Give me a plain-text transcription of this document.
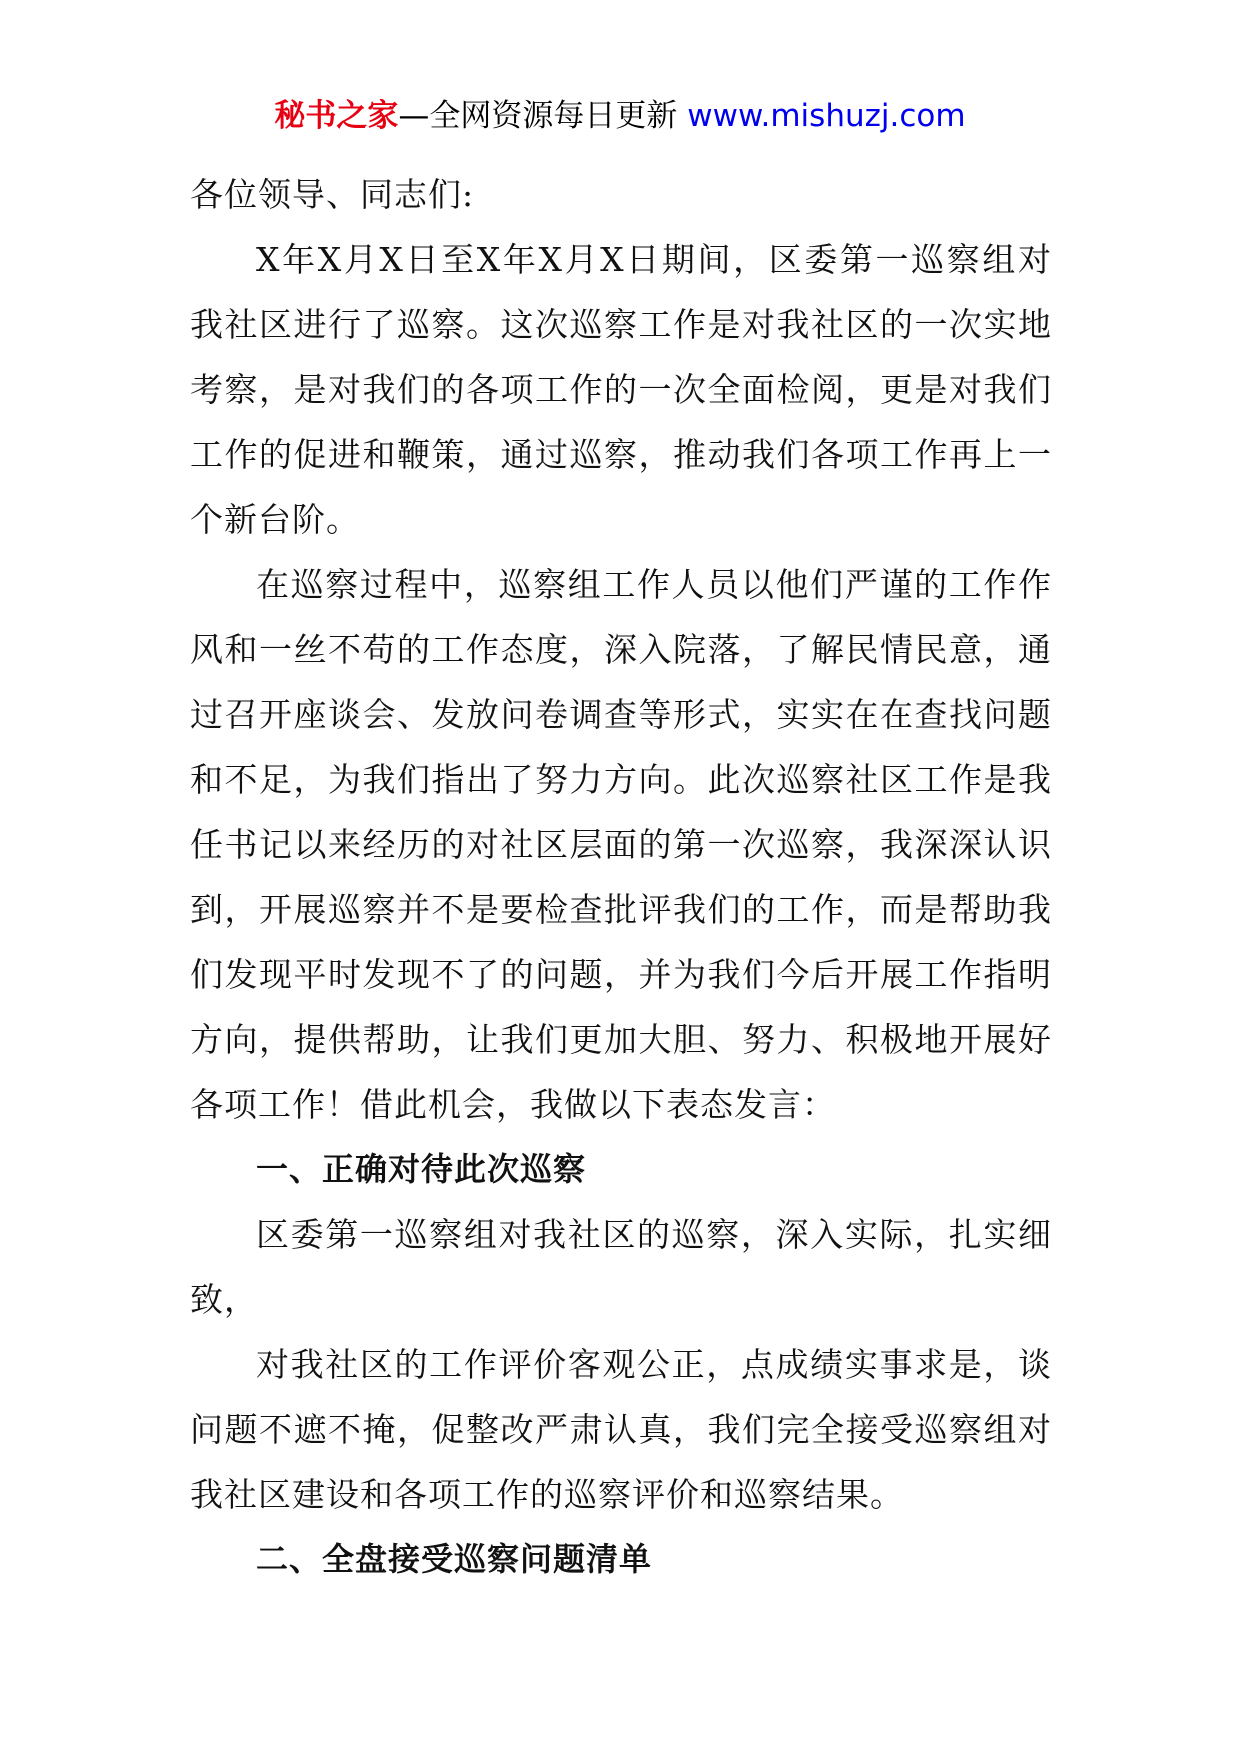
秘书之家—全网资源每日更新 www.mishuzj.com
各位领导、同志们:
X年X月X日至X年X月X日期间，区委第一巡察组对
我社区进行了巡察。这次巡察工作是对我社区的一次实地
考察，是对我们的各项工作的一次全面检阅，更是对我们
工作的促进和鞭策，通过巡察，推动我们各项工作再上一
个新台阶。
在巡察过程中，巡察组工作人员以他们严谨的工作作
风和一丝不苟的工作态度，深入院落，了解民情民意，通
过召开座谈会、发放问卷调查等形式，实实在在查找问题
和不足，为我们指出了努力方向。此次巡察社区工作是我
任书记以来经历的对社区层面的第一次巡察，我深深认识
到，开展巡察并不是要检查批评我们的工作，而是帮助我
们发现平时发现不了的问题，并为我们今后开展工作指明
方向，提供帮助，让我们更加大胆、努力、积极地开展好
各项工作！借此机会，我做以下表态发言：
一、正确对待此次巡察
区委第一巡察组对我社区的巡察，深入实际，扎实细
致，
对我社区的工作评价客观公正，点成绩实事求是，谈
问题不遮不掩，促整改严肃认真，我们完全接受巡察组对
我社区建设和各项工作的巡察评价和巡察结果。
二、全盘接受巡察问题清单
